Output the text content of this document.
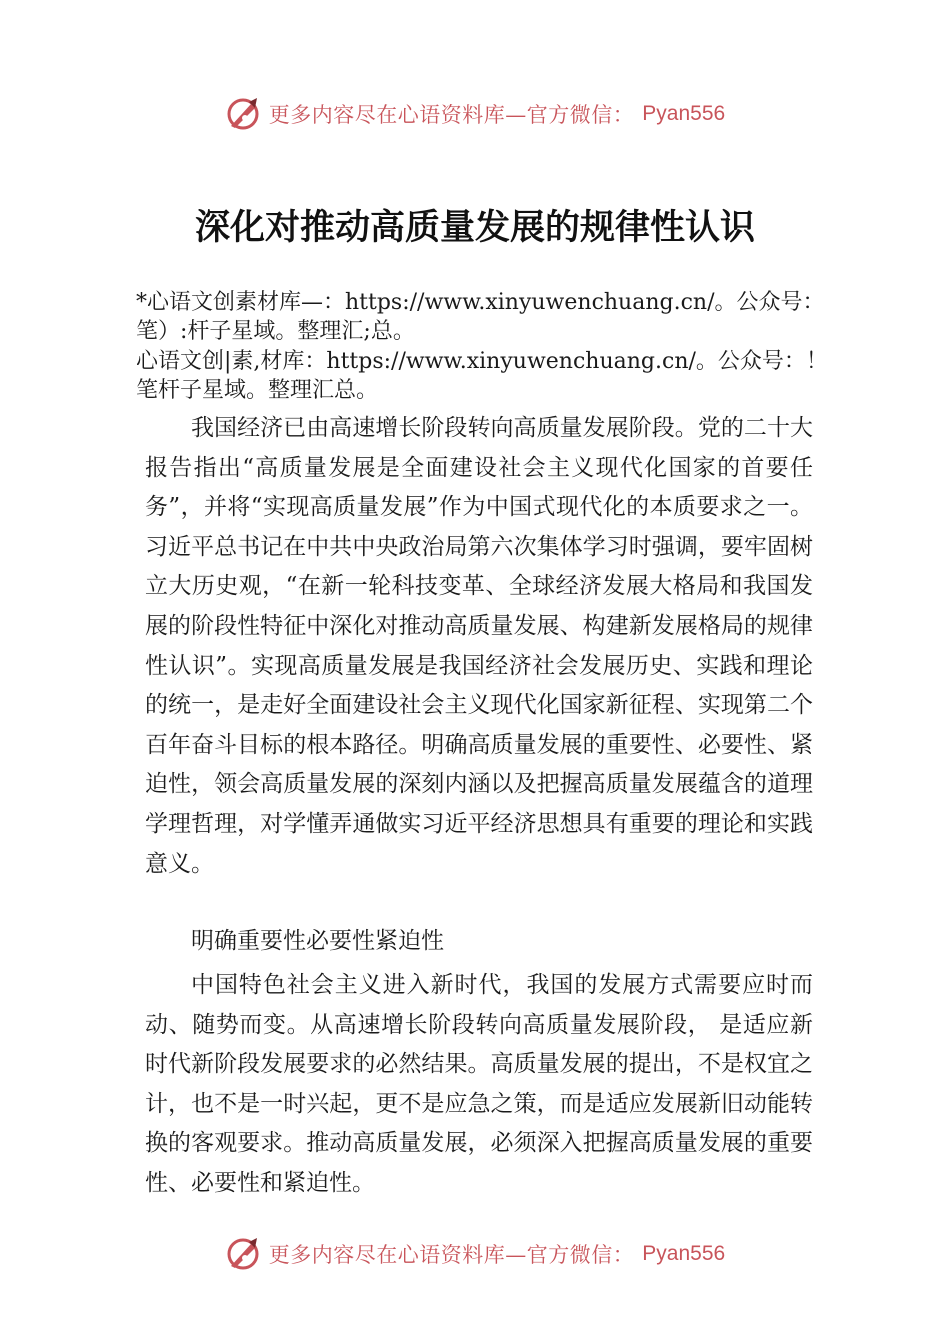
更多内容尽在心语资料库—官方微信： Pyan556
深化对推动高质量发展的规律性认识

*心语文创素材库—：https://www.xinyuwenchuang.cn/。公众号：笔）:杆子星域。整理汇;总。

心语文创|素,材库：https://www.xinyuwenchuang.cn/。公众号：！笔杆子星域。整理汇总。

我国经济已由高速增长阶段转向高质量发展阶段。党的二十大报告指出“高质量发展是全面建设社会主义现代化国家的首要任务”，并将“实现高质量发展”作为中国式现代化的本质要求之一。习近平总书记在中共中央政治局第六次集体学习时强调，要牢固树立大历史观，“在新一轮科技变革、全球经济发展大格局和我国发展的阶段性特征中深化对推动高质量发展、构建新发展格局的规律性认识”。实现高质量发展是我国经济社会发展历史、实践和理论的统一，是走好全面建设社会主义现代化国家新征程、实现第二个百年奋斗目标的根本路径。明确高质量发展的重要性、必要性、紧迫性，领会高质量发展的深刻内涵以及把握高质量发展蕴含的道理学理哲理，对学懂弄通做实习近平经济思想具有重要的理论和实践意义。

明确重要性必要性紧迫性

中国特色社会主义进入新时代，我国的发展方式需要应时而动、随势而变。从高速增长阶段转向高质量发展阶段， 是适应新时代新阶段发展要求的必然结果。高质量发展的提出，不是权宜之计，也不是一时兴起，更不是应急之策，而是适应发展新旧动能转换的客观要求。推动高质量发展，必须深入把握高质量发展的重要性、必要性和紧迫性。

更多内容尽在心语资料库—官方微信： Pyan556
